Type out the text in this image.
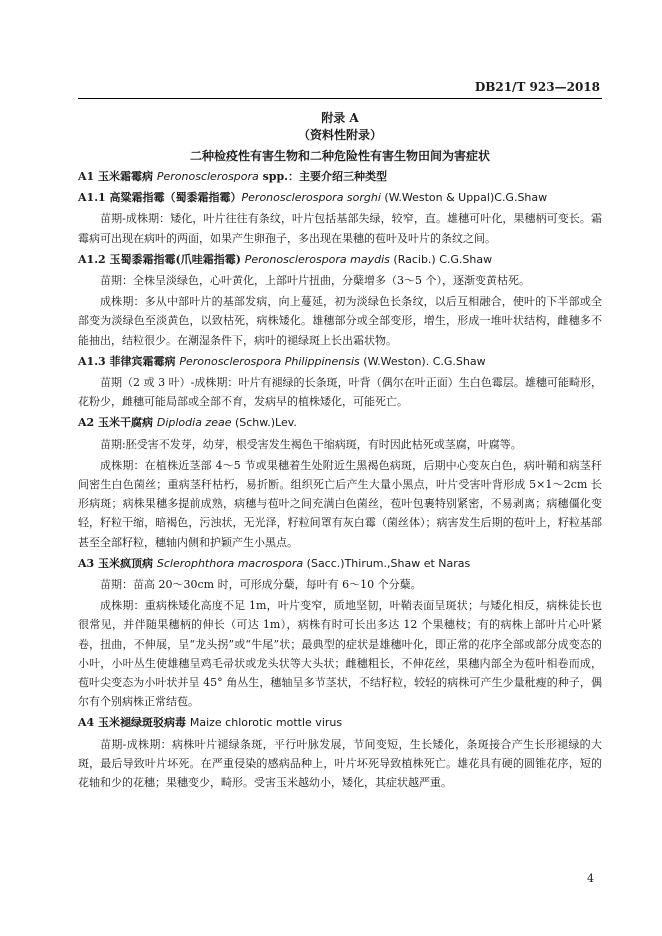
DB21/T 923—2018
附录 A
（资料性附录）
二种检疫性有害生物和二种危险性有害生物田间为害症状
A1 玉米霜霉病 Peronosclerospora spp.：主要介绍三种类型
A1.1 高粱霜指霉（蜀黍霜指霉）Peronosclerospora sorghi (W.Weston & Uppal)C.G.Shaw
苗期-成株期：矮化，叶片往往有条纹，叶片包括基部失绿，较窄，直。雄穗可叶化，果穗柄可变长。霜霉病可出现在病叶的两面，如果产生卵孢子，多出现在果穗的苞叶及叶片的条纹之间。
A1.2 玉蜀黍霜指霉(爪哇霜指霉) Peronosclerospora maydis (Racib.) C.G.Shaw
苗期：全株呈淡绿色，心叶黄化，上部叶片扭曲，分蘖增多（3～5 个），逐渐变黄枯死。
成株期：多从中部叶片的基部发病，向上蔓延，初为淡绿色长条纹，以后互相融合，使叶的下半部或全部变为淡绿色至淡黄色，以致枯死，病株矮化。雄穗部分或全部变形，增生，形成一堆叶状结构，雌穗多不能抽出，结粒很少。在潮湿条件下，病叶的褪绿斑上长出霜状物。
A1.3 菲律宾霜霉病 Peronosclerospora Philippinensis (W.Weston). C.G.Shaw
苗期（2 或 3 叶）-成株期：叶片有褪绿的长条斑，叶背（偶尔在叶正面）生白色霉层。雄穗可能畸形，花粉少，雌穗可能局部或全部不育，发病早的植株矮化，可能死亡。
A2 玉米干腐病 Diplodia zeae (Schw.)Lev.
苗期:胚受害不发芽，幼芽，根受害发生褐色干缩病斑，有时因此枯死或茎腐，叶腐等。
成株期：在植株近茎部 4～5 节或果穗着生处附近生黑褐色病斑，后期中心变灰白色，病叶鞘和病茎秆间密生白色菌丝；重病茎秆枯朽，易折断。组织死亡后产生大量小黑点，叶片受害叶背形成 5×1～2cm 长形病斑；病株果穗多提前成熟，病穗与苞叶之间充满白色菌丝，苞叶包裹特别紧密，不易剥离；病穗僵化变轻，籽粒干缩，暗褐色，污浊状，无光泽，籽粒间罩有灰白霉（菌丝体）；病害发生后期的苞叶上，籽粒基部甚至全部籽粒，穗轴内侧和护颖产生小黑点。
A3 玉米疯顶病 Sclerophthora macrospora (Sacc.)Thirum.,Shaw et Naras
苗期：苗高 20～30cm 时，可形成分蘖，每叶有 6～10 个分蘖。
成株期：重病株矮化高度不足 1m，叶片变窄，质地坚韧，叶鞘表面呈斑状；与矮化相反，病株徒长也很常见，并伴随果穗柄的伸长（可达 1m），病株有时可长出多达 12 个果穗枝；有的病株上部叶片心叶紧卷，扭曲，不伸展，呈“龙头拐”或“牛尾”状；最典型的症状是雄穗叶化，即正常的花序全部或部分成变态的小叶，小叶丛生使雄穗呈鸡毛帚状或龙头状等大头状；雌穗粗长，不伸花丝，果穗内部全为苞叶相卷而成，苞叶尖变态为小叶状并呈 45° 角丛生，穗轴呈多节茎状，不结籽粒，较轻的病株可产生少量秕瘦的种子，偶尔有个别病株正常结苞。
A4 玉米褪绿斑驳病毒 Maize chlorotic mottle virus
苗期-成株期：病株叶片褪绿条斑，平行叶脉发展，节间变短，生长矮化，条斑接合产生长形褪绿的大斑，最后导致叶片坏死。在严重侵染的感病品种上，叶片坏死导致植株死亡。雄花具有硬的圆锥花序，短的花轴和少的花穗；果穗变少，畸形。受害玉米越幼小，矮化，其症状越严重。
4
